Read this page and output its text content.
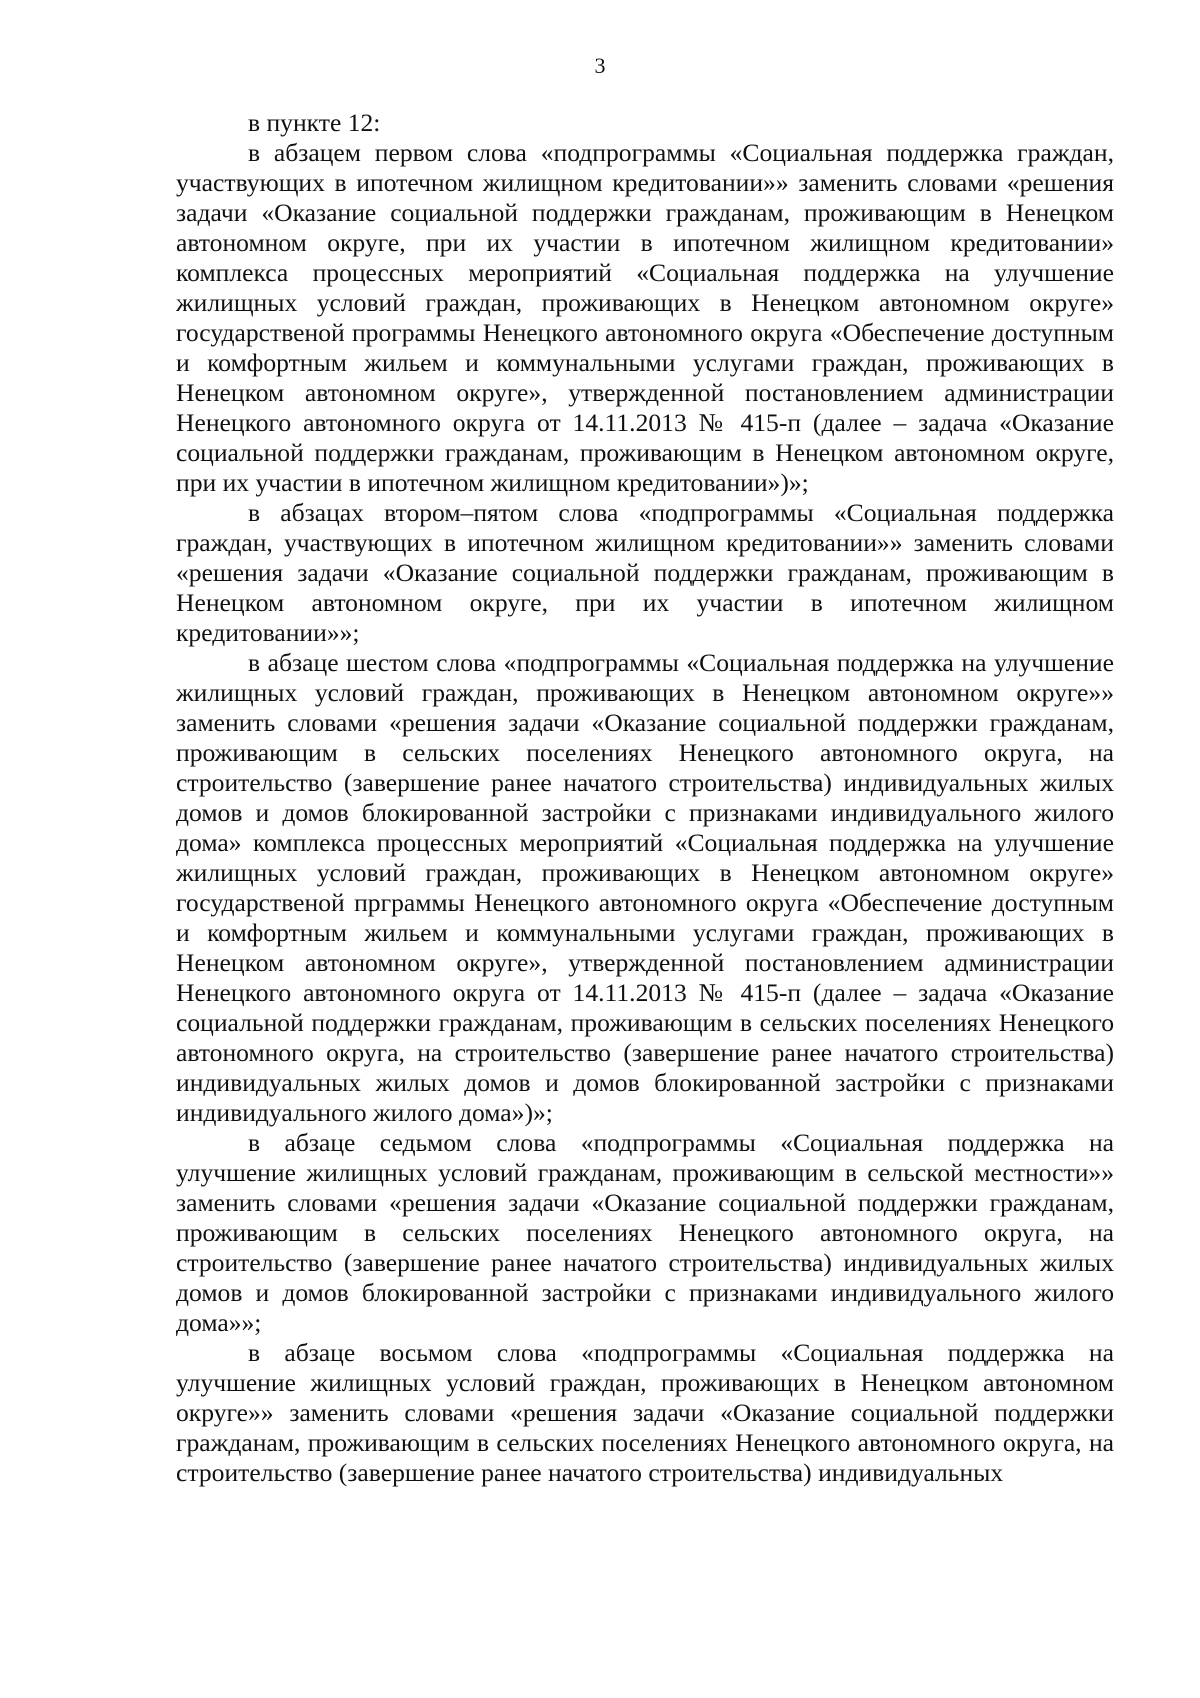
3

в пункте 12:

в абзацем первом слова «подпрограммы «Социальная поддержка граждан, участвующих в ипотечном жилищном кредитовании»» заменить словами «решения задачи «Оказание социальной поддержки гражданам, проживающим в Ненецком автономном округе, при их участии в ипотечном жилищном кредитовании» комплекса процессных мероприятий «Социальная поддержка на улучшение жилищных условий граждан, проживающих в Ненецком автономном округе» государственой программы Ненецкого автономного округа «Обеспечение доступным и комфортным жильем и коммунальными услугами граждан, проживающих в Ненецком автономном округе», утвержденной постановлением администрации Ненецкого автономного округа от 14.11.2013 № 415-п (далее – задача «Оказание социальной поддержки гражданам, проживающим в Ненецком автономном округе, при их участии в ипотечном жилищном кредитовании»)»;

в абзацах втором–пятом слова «подпрограммы «Социальная поддержка граждан, участвующих в ипотечном жилищном кредитовании»» заменить словами «решения задачи «Оказание социальной поддержки гражданам, проживающим в Ненецком автономном округе, при их участии в ипотечном жилищном кредитовании»»;

в абзаце шестом слова «подпрограммы «Социальная поддержка на улучшение жилищных условий граждан, проживающих в Ненецком автономном округе»» заменить словами «решения задачи «Оказание социальной поддержки гражданам, проживающим в сельских поселениях Ненецкого автономного округа, на строительство (завершение ранее начатого строительства) индивидуальных жилых домов и домов блокированной застройки с признаками индивидуального жилого дома» комплекса процессных мероприятий «Социальная поддержка на улучшение жилищных условий граждан, проживающих в Ненецком автономном округе» государственой прграммы Ненецкого автономного округа «Обеспечение доступным и комфортным жильем и коммунальными услугами граждан, проживающих в Ненецком автономном округе», утвержденной постановлением администрации Ненецкого автономного округа от 14.11.2013 № 415-п (далее – задача «Оказание социальной поддержки гражданам, проживающим в сельских поселениях Ненецкого автономного округа, на строительство (завершение ранее начатого строительства) индивидуальных жилых домов и домов блокированной застройки с признаками индивидуального жилого дома»)»;

в абзаце седьмом слова «подпрограммы «Социальная поддержка на улучшение жилищных условий гражданам, проживающим в сельской местности»» заменить словами «решения задачи «Оказание социальной поддержки гражданам, проживающим в сельских поселениях Ненецкого автономного округа, на строительство (завершение ранее начатого строительства) индивидуальных жилых домов и домов блокированной застройки с признаками индивидуального жилого дома»»;

в абзаце восьмом слова «подпрограммы «Социальная поддержка на улучшение жилищных условий граждан, проживающих в Ненецком автономном округе»» заменить словами «решения задачи «Оказание социальной поддержки гражданам, проживающим в сельских поселениях Ненецкого автономного округа, на строительство (завершение ранее начатого строительства) индивидуальных
